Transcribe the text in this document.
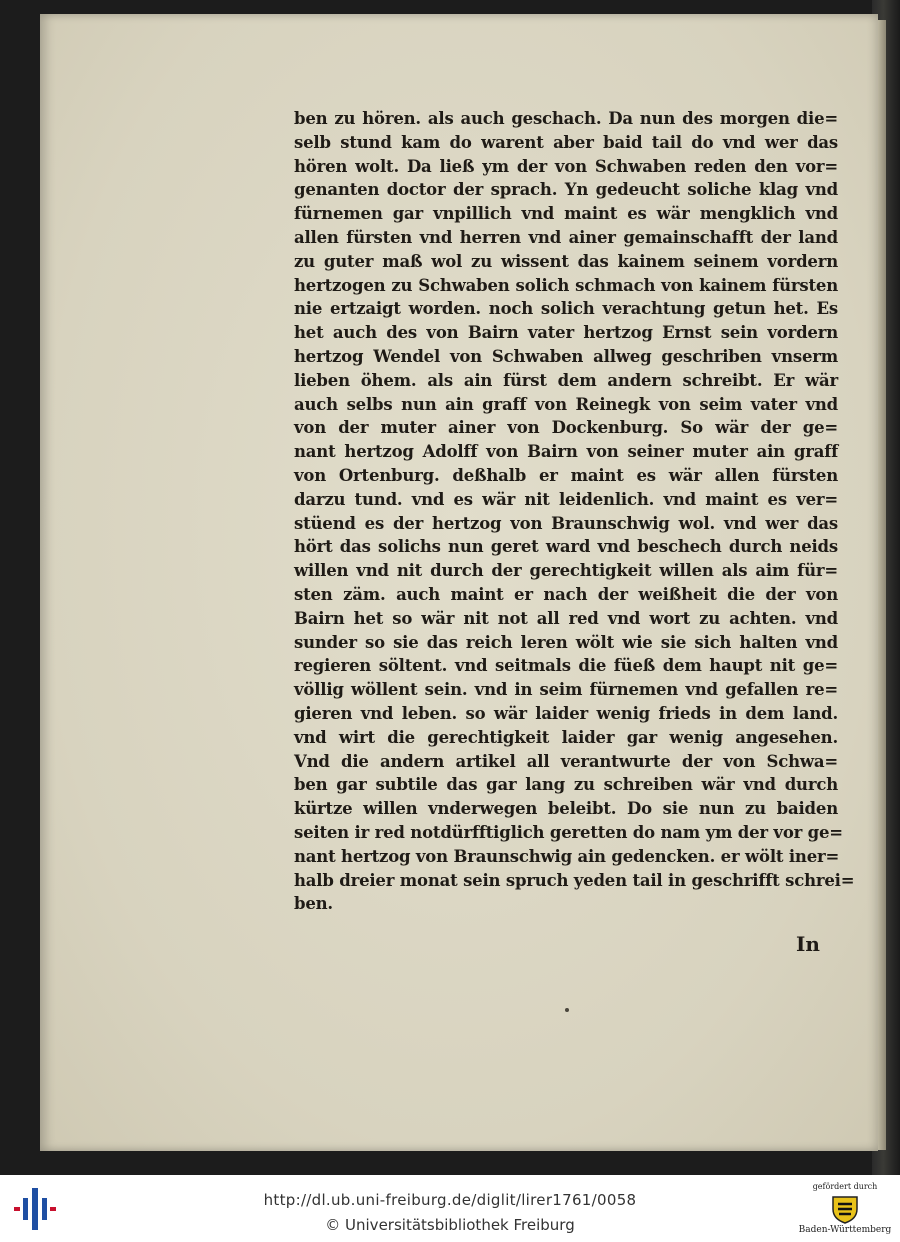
ben zu hören. als auch geschach. Da nun des morgen die=
selb stund kam do warent aber baid tail do vnd wer das
hören wolt. Da ließ ym der von Schwaben reden den vor=
genanten doctor der sprach. Yn gedeucht soliche klag vnd
fürnemen gar vnpillich vnd maint es wär mengklich vnd
allen fürsten vnd herren vnd ainer gemainschafft der land
zu guter maß wol zu wissent das kainem seinem vordern
hertzogen zu Schwaben solich schmach von kainem fürsten
nie ertzaigt worden. noch solich verachtung getun het. Es
het auch des von Bairn vater hertzog Ernst sein vordern
hertzog Wendel von Schwaben allweg geschriben vnserm
lieben öhem. als ain fürst dem andern schreibt. Er wär
auch selbs nun ain graff von Reinegk von seim vater vnd
von der muter ainer von Dockenburg. So wär der ge=
nant hertzog Adolff von Bairn von seiner muter ain graff
von Ortenburg. deßhalb er maint es wär allen fürsten
darzu tund. vnd es wär nit leidenlich. vnd maint es ver=
stüend es der hertzog von Braunschwig wol. vnd wer das
hört das solichs nun geret ward vnd beschech durch neids
willen vnd nit durch der gerechtigkeit willen als aim für=
sten zäm. auch maint er nach der weißheit die der von
Bairn het so wär nit not all red vnd wort zu achten. vnd
sunder so sie das reich leren wölt wie sie sich halten vnd
regieren söltent. vnd seitmals die füeß dem haupt nit ge=
völlig wöllent sein. vnd in seim fürnemen vnd gefallen re=
gieren vnd leben. so wär laider wenig frieds in dem land.
vnd wirt die gerechtigkeit laider gar wenig angesehen.
Vnd die andern artikel all verantwurte der von Schwa=
ben gar subtile das gar lang zu schreiben wär vnd durch
kürtze willen vnderwegen beleibt. Do sie nun zu baiden
seiten ir red notdürfftiglich geretten do nam ym der vor ge=
nant hertzog von Braunschwig ain gedencken. er wölt iner=
halb dreier monat sein spruch yeden tail in geschrifft schrei=
ben.
In
http://dl.ub.uni-freiburg.de/diglit/lirer1761/0058
© Universitätsbibliothek Freiburg
gefördert durch
Baden-Württemberg
